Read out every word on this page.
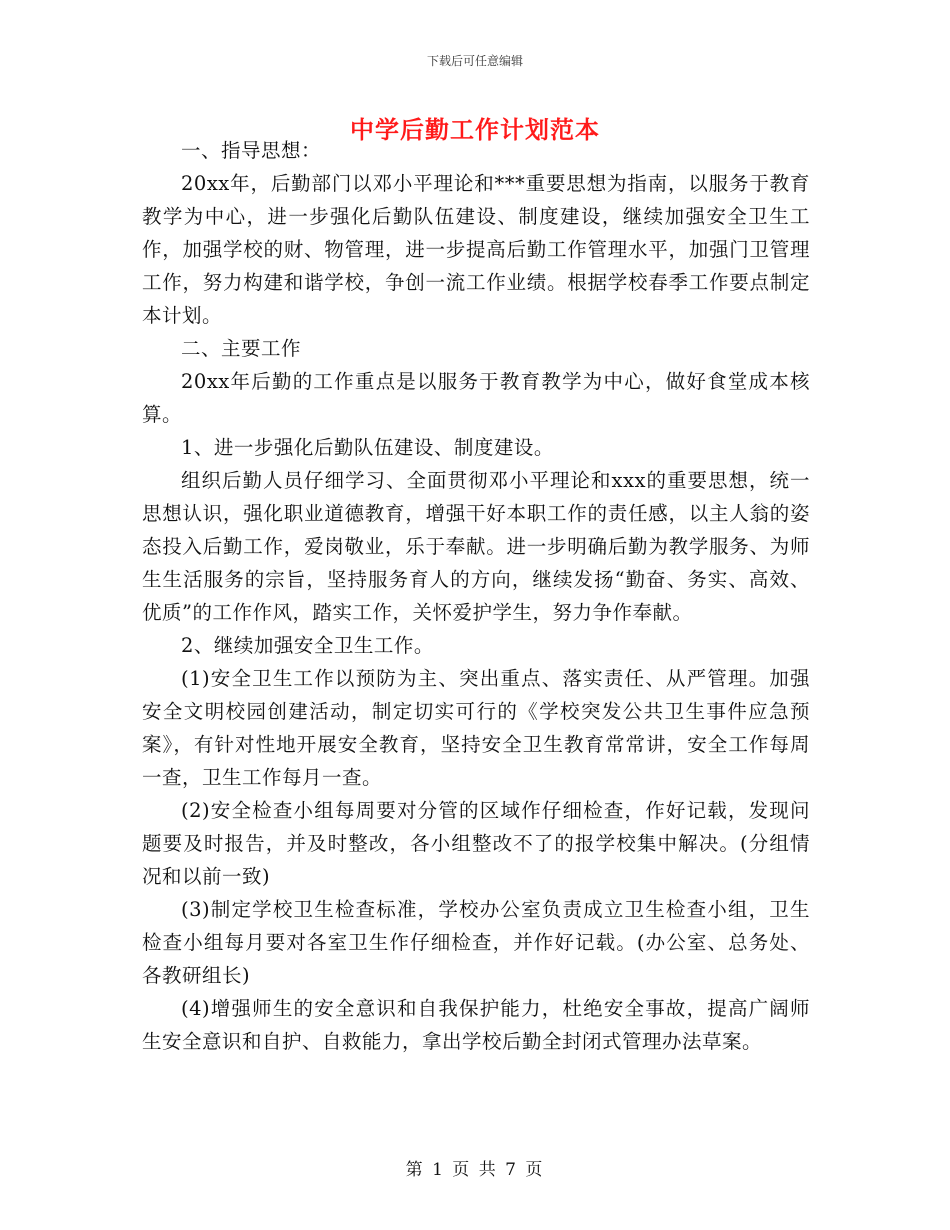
下载后可任意编辑
中学后勤工作计划范本

一、指导思想：

20xx年，后勤部门以邓小平理论和***重要思想为指南，以服务于教育教学为中心，进一步强化后勤队伍建设、制度建设，继续加强安全卫生工作，加强学校的财、物管理，进一步提高后勤工作管理水平，加强门卫管理工作，努力构建和谐学校，争创一流工作业绩。根据学校春季工作要点制定本计划。

二、主要工作

20xx年后勤的工作重点是以服务于教育教学为中心，做好食堂成本核算。

1、进一步强化后勤队伍建设、制度建设。

组织后勤人员仔细学习、全面贯彻邓小平理论和xxx的重要思想，统一思想认识，强化职业道德教育，增强干好本职工作的责任感，以主人翁的姿态投入后勤工作，爱岗敬业，乐于奉献。进一步明确后勤为教学服务、为师生生活服务的宗旨，坚持服务育人的方向，继续发扬“勤奋、务实、高效、优质”的工作作风，踏实工作，关怀爱护学生，努力争作奉献。

2、继续加强安全卫生工作。

(1)安全卫生工作以预防为主、突出重点、落实责任、从严管理。加强安全文明校园创建活动，制定切实可行的《学校突发公共卫生事件应急预案》，有针对性地开展安全教育，坚持安全卫生教育常常讲，安全工作每周一查，卫生工作每月一查。

(2)安全检查小组每周要对分管的区域作仔细检查，作好记载，发现问题要及时报告，并及时整改，各小组整改不了的报学校集中解决。(分组情况和以前一致)

(3)制定学校卫生检查标准，学校办公室负责成立卫生检查小组，卫生检查小组每月要对各室卫生作仔细检查，并作好记载。(办公室、总务处、各教研组长)

(4)增强师生的安全意识和自我保护能力，杜绝安全事故，提高广阔师生安全意识和自护、自救能力，拿出学校后勤全封闭式管理办法草案。

第 1 页 共 7 页
